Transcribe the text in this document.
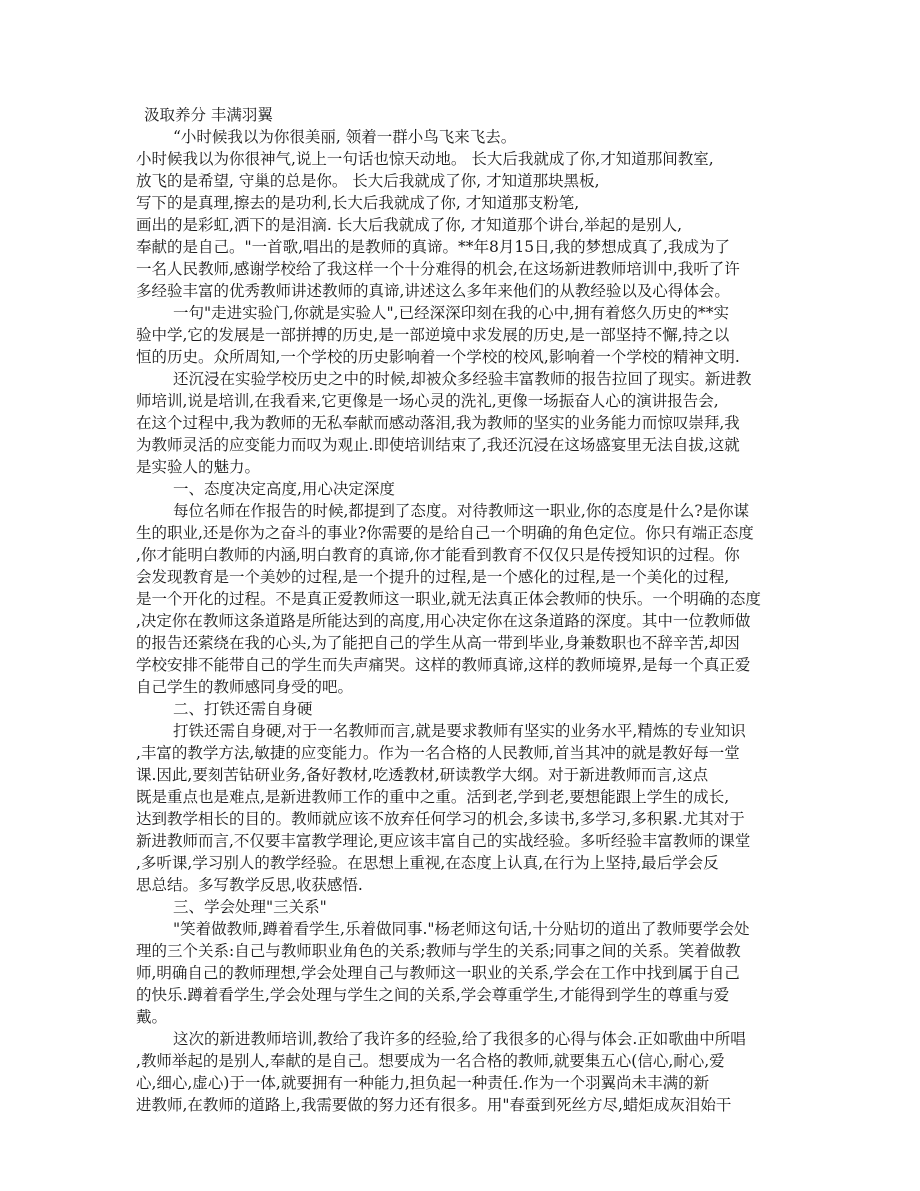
汲取养分 丰满羽翼
“小时候我以为你很美丽, 领着一群小鸟飞来飞去。
小时候我以为你很神气,说上一句话也惊天动地。 长大后我就成了你,才知道那间教室,
放飞的是希望, 守巢的总是你。 长大后我就成了你, 才知道那块黑板,
写下的是真理,擦去的是功利,长大后我就成了你, 才知道那支粉笔,
画出的是彩虹,洒下的是泪滴. 长大后我就成了你, 才知道那个讲台,举起的是别人,
奉献的是自己。"一首歌,唱出的是教师的真谛。**年8月15日,我的梦想成真了,我成为了
一名人民教师,感谢学校给了我这样一个十分难得的机会,在这场新进教师培训中,我听了许
多经验丰富的优秀教师讲述教师的真谛,讲述这么多年来他们的从教经验以及心得体会。
一句"走进实验门,你就是实验人",已经深深印刻在我的心中,拥有着悠久历史的**实
验中学,它的发展是一部拼搏的历史,是一部逆境中求发展的历史,是一部坚持不懈,持之以
恒的历史。众所周知,一个学校的历史影响着一个学校的校风,影响着一个学校的精神文明.
还沉浸在实验学校历史之中的时候,却被众多经验丰富教师的报告拉回了现实。新进教
师培训,说是培训,在我看来,它更像是一场心灵的洗礼,更像一场振奋人心的演讲报告会,
在这个过程中,我为教师的无私奉献而感动落泪,我为教师的坚实的业务能力而惊叹崇拜,我
为教师灵活的应变能力而叹为观止.即使培训结束了,我还沉浸在这场盛宴里无法自拔,这就
是实验人的魅力。
一、态度决定高度,用心决定深度
每位名师在作报告的时候,都提到了态度。对待教师这一职业,你的态度是什么?是你谋
生的职业,还是你为之奋斗的事业?你需要的是给自己一个明确的角色定位。你只有端正态度
,你才能明白教师的内涵,明白教育的真谛,你才能看到教育不仅仅只是传授知识的过程。你
会发现教育是一个美妙的过程,是一个提升的过程,是一个感化的过程,是一个美化的过程,
是一个开化的过程。不是真正爱教师这一职业,就无法真正体会教师的快乐。一个明确的态度
,决定你在教师这条道路是所能达到的高度,用心决定你在这条道路的深度。其中一位教师做
的报告还萦绕在我的心头,为了能把自己的学生从高一带到毕业,身兼数职也不辞辛苦,却因
学校安排不能带自己的学生而失声痛哭。这样的教师真谛,这样的教师境界,是每一个真正爱
自己学生的教师感同身受的吧。
二、打铁还需自身硬
打铁还需自身硬,对于一名教师而言,就是要求教师有坚实的业务水平,精炼的专业知识
,丰富的教学方法,敏捷的应变能力。作为一名合格的人民教师,首当其冲的就是教好每一堂
课.因此,要刻苦钻研业务,备好教材,吃透教材,研读教学大纲。对于新进教师而言,这点
既是重点也是难点,是新进教师工作的重中之重。活到老,学到老,要想能跟上学生的成长,
达到教学相长的目的。教师就应该不放弃任何学习的机会,多读书,多学习,多积累.尤其对于
新进教师而言,不仅要丰富教学理论,更应该丰富自己的实战经验。多听经验丰富教师的课堂
,多听课,学习别人的教学经验。在思想上重视,在态度上认真,在行为上坚持,最后学会反
思总结。多写教学反思,收获感悟.
三、学会处理"三关系"
"笑着做教师,蹲着看学生,乐着做同事."杨老师这句话,十分贴切的道出了教师要学会处
理的三个关系:自己与教师职业角色的关系;教师与学生的关系;同事之间的关系。笑着做教
师,明确自己的教师理想,学会处理自己与教师这一职业的关系,学会在工作中找到属于自己
的快乐.蹲着看学生,学会处理与学生之间的关系,学会尊重学生,才能得到学生的尊重与爱
戴。
这次的新进教师培训,教给了我许多的经验,给了我很多的心得与体会.正如歌曲中所唱
,教师举起的是别人,奉献的是自己。想要成为一名合格的教师,就要集五心(信心,耐心,爱
心,细心,虚心)于一体,就要拥有一种能力,担负起一种责任.作为一个羽翼尚未丰满的新
进教师,在教师的道路上,我需要做的努力还有很多。用"春蚕到死丝方尽,蜡炬成灰泪始干
